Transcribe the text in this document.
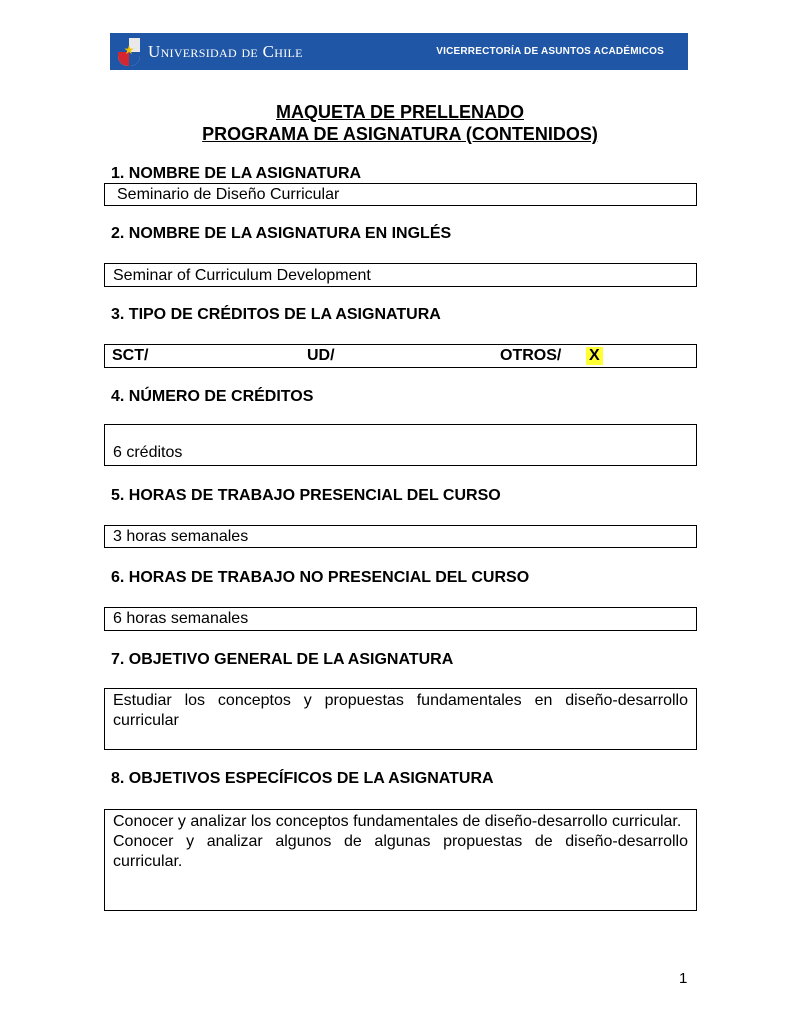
★ Universidad de Chile	VICERRECTORÍA DE ASUNTOS ACADÉMICOS
MAQUETA DE PRELLENADO
PROGRAMA DE ASIGNATURA (CONTENIDOS)
1. NOMBRE DE LA ASIGNATURA
Seminario de Diseño Curricular
2. NOMBRE DE LA ASIGNATURA EN INGLÉS
Seminar of Curriculum Development
3. TIPO DE CRÉDITOS DE LA ASIGNATURA
SCT/	UD/	OTROS/ X
4. NÚMERO DE CRÉDITOS
6 créditos
5. HORAS DE TRABAJO PRESENCIAL DEL CURSO
3 horas semanales
6. HORAS DE TRABAJO NO PRESENCIAL DEL CURSO
6 horas semanales
7. OBJETIVO GENERAL DE LA ASIGNATURA
Estudiar los conceptos y propuestas fundamentales en diseño-desarrollo curricular
8. OBJETIVOS ESPECÍFICOS DE LA ASIGNATURA
Conocer y analizar los conceptos fundamentales de diseño-desarrollo curricular.
Conocer y analizar algunos de algunas propuestas de diseño-desarrollo curricular.
1
